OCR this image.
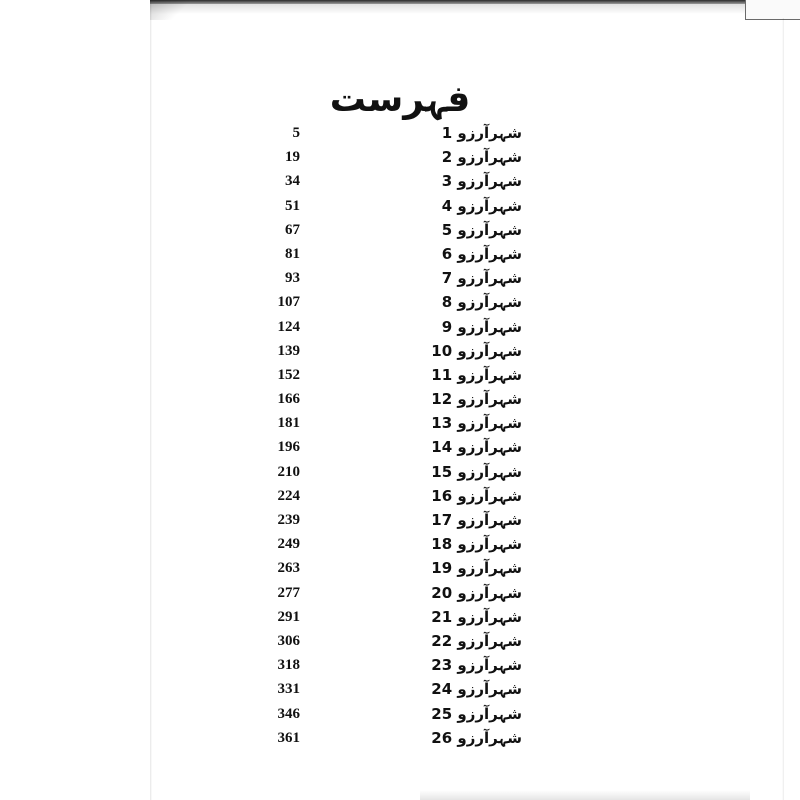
فہرست
شہرآرزو 1
5
شہرآرزو 2
19
شہرآرزو 3
34
شہرآرزو 4
51
شہرآرزو 5
67
شہرآرزو 6
81
شہرآرزو 7
93
شہرآرزو 8
107
شہرآرزو 9
124
شہرآرزو 10
139
شہرآرزو 11
152
شہرآرزو 12
166
شہرآرزو 13
181
شہرآرزو 14
196
شہرآرزو 15
210
شہرآرزو 16
224
شہرآرزو 17
239
شہرآرزو 18
249
شہرآرزو 19
263
شہرآرزو 20
277
شہرآرزو 21
291
شہرآرزو 22
306
شہرآرزو 23
318
شہرآرزو 24
331
شہرآرزو 25
346
شہرآرزو 26
361
